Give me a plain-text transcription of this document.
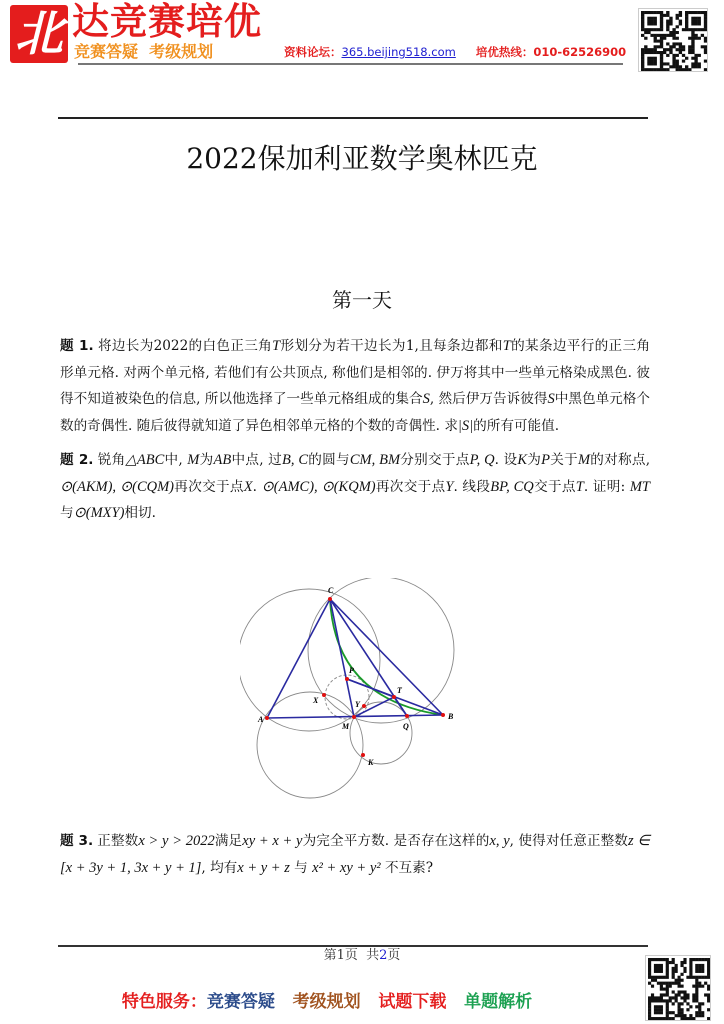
北 达竞赛培优
竞赛答疑  考级规划	资料论坛：365.beijing518.com 培优热线：010-62526900
2022保加利亚数学奥林匹克
第一天
题 1. 将边长为2022的白色正三角T形划分为若干边长为1,且每条边都和T的某条边平行的正三角形单元格. 对两个单元格, 若他们有公共顶点, 称他们是相邻的. 伊万将其中一些单元格染成黑色. 彼得不知道被染色的信息, 所以他选择了一些单元格组成的集合S, 然后伊万告诉彼得S中黑色单元格个数的奇偶性. 随后彼得就知道了异色相邻单元格的个数的奇偶性. 求|S|的所有可能值.
题 2. 锐角△ABC中, M为AB中点, 过B, C的圆与CM, BM分别交于点P, Q. 设K为P关于M的对称点, ⊙(AKM), ⊙(CQM)再次交于点X. ⊙(AMC), ⊙(KQM)再次交于点Y. 线段BP, CQ交于点T. 证明: MT与⊙(MXY)相切.
题 3. 正整数x > y > 2022满足xy + x + y为完全平方数. 是否存在这样的x, y, 使得对任意正整数z ∈ [x + 3y + 1, 3x + y + 1], 均有x + y + z 与 x² + xy + y² 不互素?
C
A	B
M	Q
P
T
X	Y
K
第1页  共2页

特色服务：竞赛答疑 考级规划 试题下载 单题解析
